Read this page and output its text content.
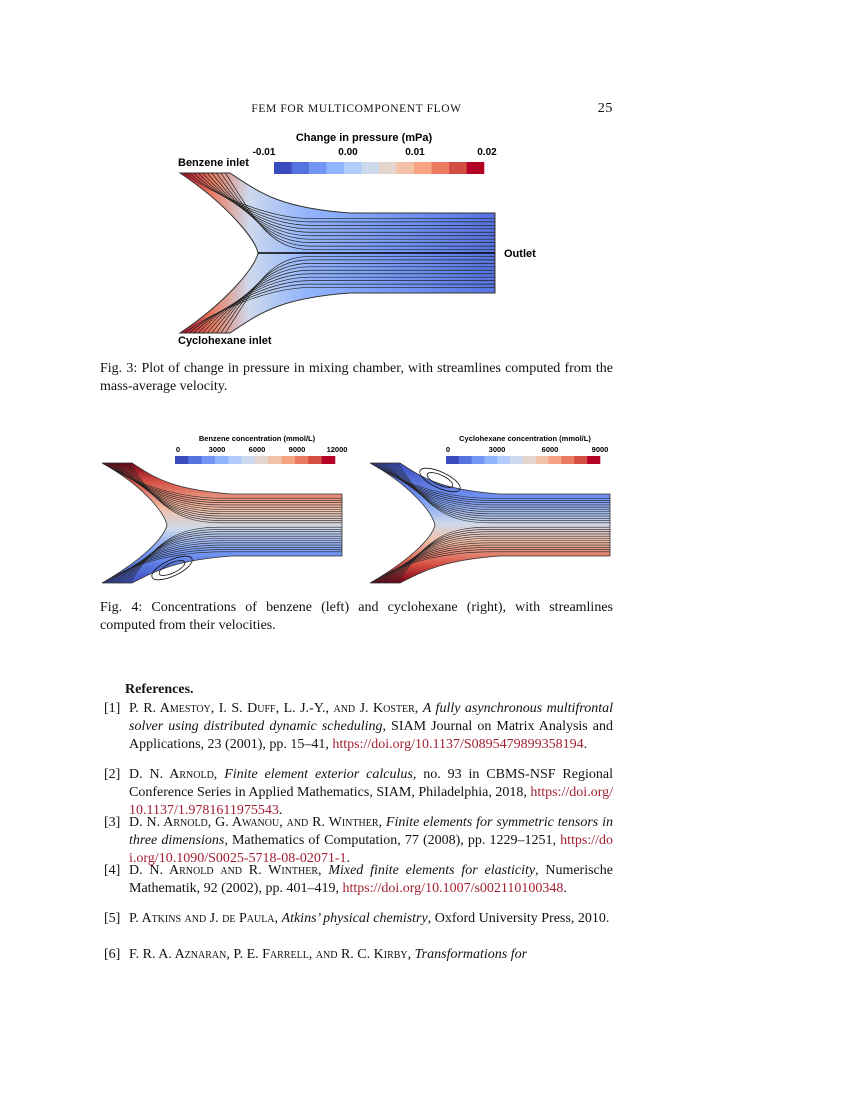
FEM FOR MULTICOMPONENT FLOW	25
Change in pressure (mPa)
-0.01	0.00	0.01	0.02
Benzene inlet
Cyclohexane inlet
Outlet
Fig. 3: Plot of change in pressure in mixing chamber, with streamlines computed from the mass-average velocity.
Benzene concentration (mmol/L)
0	3000	6000	9000	12000
Cyclohexane concentration (mmol/L)
0	3000	6000	9000
Fig. 4: Concentrations of benzene (left) and cyclohexane (right), with streamlines computed from their velocities.
References.
[1] P. R. Amestoy, I. S. Duff, L. J.-Y., and J. Koster, A fully asynchronous multifrontal solver using distributed dynamic scheduling, SIAM Journal on Matrix Analysis and Applications, 23 (2001), pp. 15–41, https://doi.org/10.1137/S0895479899358194.
[2] D. N. Arnold, Finite element exterior calculus, no. 93 in CBMS-NSF Regional Conference Series in Applied Mathematics, SIAM, Philadelphia, 2018, https://doi.org/10.1137/1.9781611975543.
[3] D. N. Arnold, G. Awanou, and R. Winther, Finite elements for symmetric tensors in three dimensions, Mathematics of Computation, 77 (2008), pp. 1229–1251, https://doi.org/10.1090/S0025-5718-08-02071-1.
[4] D. N. Arnold and R. Winther, Mixed finite elements for elasticity, Numerische Mathematik, 92 (2002), pp. 401–419, https://doi.org/10.1007/s002110100348.
[5] P. Atkins and J. de Paula, Atkins’ physical chemistry, Oxford University Press, 2010.
[6] F. R. A. Aznaran, P. E. Farrell, and R. C. Kirby, Transformations for
